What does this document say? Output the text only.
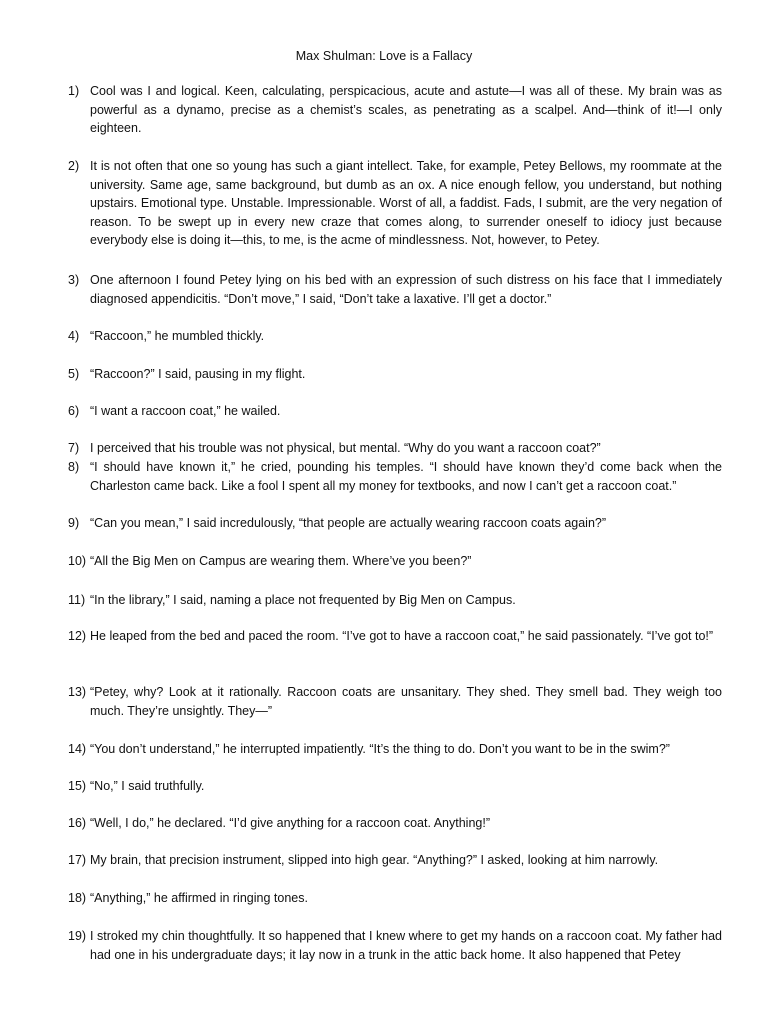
Max Shulman: Love is a Fallacy
1) Cool was I and logical. Keen, calculating, perspicacious, acute and astute—I was all of these. My brain was as powerful as a dynamo, precise as a chemist’s scales, as penetrating as a scalpel. And—think of it!—I only eighteen.
2) It is not often that one so young has such a giant intellect. Take, for example, Petey Bellows, my roommate at the university. Same age, same background, but dumb as an ox. A nice enough fellow, you understand, but nothing upstairs. Emotional type. Unstable. Impressionable. Worst of all, a faddist. Fads, I submit, are the very negation of reason. To be swept up in every new craze that comes along, to surrender oneself to idiocy just because everybody else is doing it—this, to me, is the acme of mindlessness. Not, however, to Petey.
3) One afternoon I found Petey lying on his bed with an expression of such distress on his face that I immediately diagnosed appendicitis. “Don’t move,” I said, “Don’t take a laxative. I’ll get a doctor.”
4) “Raccoon,” he mumbled thickly.
5) “Raccoon?” I said, pausing in my flight.
6) “I want a raccoon coat,” he wailed.
7) I perceived that his trouble was not physical, but mental. “Why do you want a raccoon coat?”
8) “I should have known it,” he cried, pounding his temples. “I should have known they’d come back when the Charleston came back. Like a fool I spent all my money for textbooks, and now I can’t get a raccoon coat.”
9) “Can you mean,” I said incredulously, “that people are actually wearing raccoon coats again?”
10) “All the Big Men on Campus are wearing them. Where’ve you been?”
11) “In the library,” I said, naming a place not frequented by Big Men on Campus.
12) He leaped from the bed and paced the room. “I’ve got to have a raccoon coat,” he said passionately. “I’ve got to!”
13) “Petey, why? Look at it rationally. Raccoon coats are unsanitary. They shed. They smell bad. They weigh too much. They’re unsightly. They—”
14) “You don’t understand,” he interrupted impatiently. “It’s the thing to do. Don’t you want to be in the swim?”
15) “No,” I said truthfully.
16) “Well, I do,” he declared. “I’d give anything for a raccoon coat. Anything!”
17) My brain, that precision instrument, slipped into high gear. “Anything?” I asked, looking at him narrowly.
18) “Anything,” he affirmed in ringing tones.
19) I stroked my chin thoughtfully. It so happened that I knew where to get my hands on a raccoon coat. My father had had one in his undergraduate days; it lay now in a trunk in the attic back home. It also happened that Petey
